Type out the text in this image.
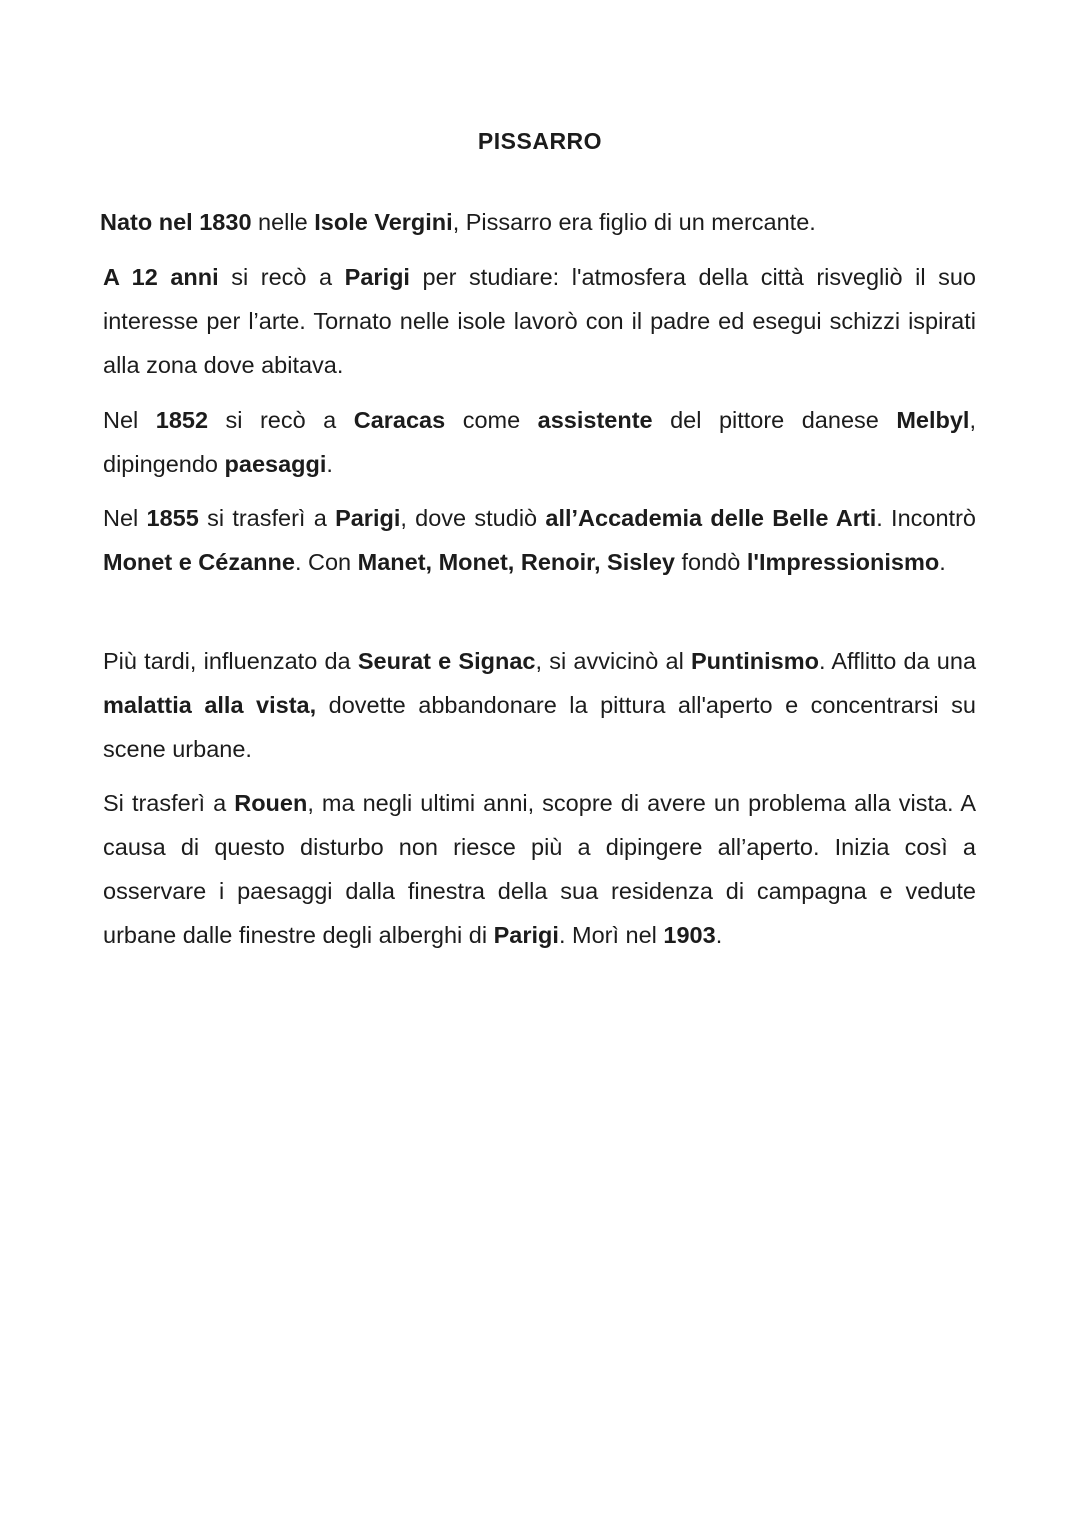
PISSARRO

Nato nel 1830 nelle Isole Vergini, Pissarro era figlio di un mercante.

A 12 anni si recò a Parigi per studiare: l'atmosfera della città risvegliò il suo interesse per l’arte. Tornato nelle isole lavorò con il padre ed esegui schizzi ispirati alla zona dove abitava.

Nel 1852 si recò a Caracas come assistente del pittore danese Melbyl, dipingendo paesaggi.

Nel 1855 si trasferì a Parigi, dove studiò all’Accademia delle Belle Arti. Incontrò Monet e Cézanne. Con Manet, Monet, Renoir, Sisley fondò l'Impressionismo.

Più tardi, influenzato da Seurat e Signac, si avvicinò al Puntinismo. Afflitto da una malattia alla vista, dovette abbandonare la pittura all'aperto e concentrarsi su scene urbane.

Si trasferì a Rouen, ma negli ultimi anni, scopre di avere un problema alla vista. A causa di questo disturbo non riesce più a dipingere all’aperto. Inizia così a osservare i paesaggi dalla finestra della sua residenza di campagna e vedute urbane dalle finestre degli alberghi di Parigi. Morì nel 1903.
